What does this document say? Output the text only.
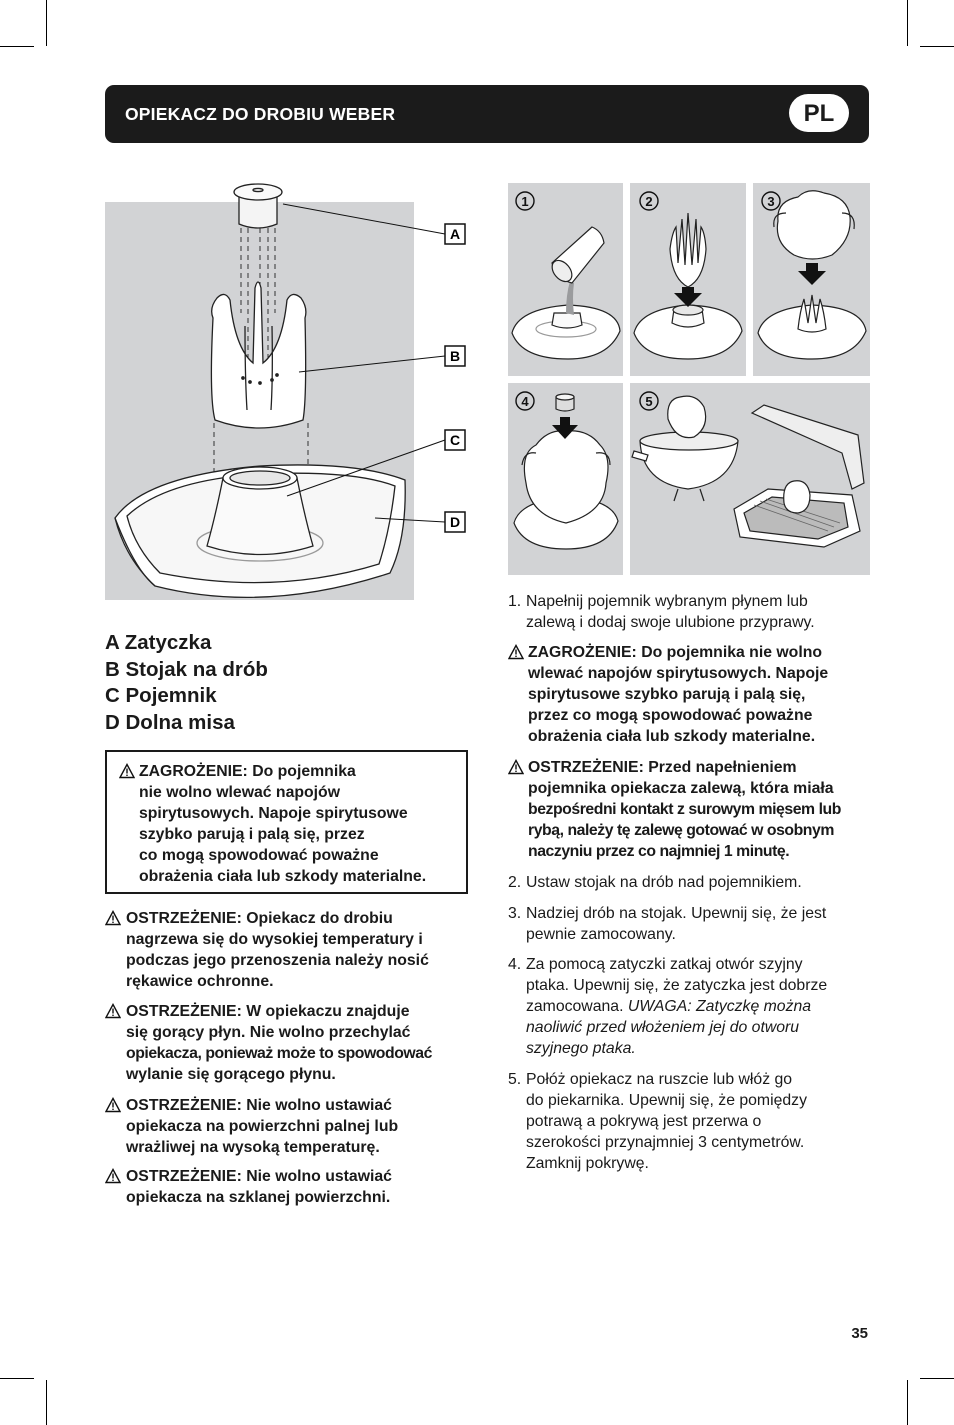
OPIEKACZ DO DROBIU WEBER	PL
A
B
C
D
1	2	3
4	5
A Zatyczka
B Stojak na drób
C Pojemnik
D Dolna misa
ZAGROŻENIE: Do pojemnika
nie wolno wlewać napojów
spirytusowych. Napoje spirytusowe
szybko parują i palą się, przez
co mogą spowodować poważne
obrażenia ciała lub szkody materialne.
OSTRZEŻENIE: Opiekacz do drobiu
nagrzewa się do wysokiej temperatury i
podczas jego przenoszenia należy nosić
rękawice ochronne.
OSTRZEŻENIE: W opiekaczu znajduje
się gorący płyn. Nie wolno przechylać
opiekacza, ponieważ może to spowodować
wylanie się gorącego płynu.
OSTRZEŻENIE: Nie wolno ustawiać
opiekacza na powierzchni palnej lub
wrażliwej na wysoką temperaturę.
OSTRZEŻENIE: Nie wolno ustawiać
opiekacza na szklanej powierzchni.
1. Napełnij pojemnik wybranym płynem lub
zalewą i dodaj swoje ulubione przyprawy.
ZAGROŻENIE: Do pojemnika nie wolno
wlewać napojów spirytusowych. Napoje
spirytusowe szybko parują i palą się,
przez co mogą spowodować poważne
obrażenia ciała lub szkody materialne.
OSTRZEŻENIE: Przed napełnieniem
pojemnika opiekacza zalewą, która miała
bezpośredni kontakt z surowym mięsem lub
rybą, należy tę zalewę gotować w osobnym
naczyniu przez co najmniej 1 minutę.
2. Ustaw stojak na drób nad pojemnikiem.
3. Nadziej drób na stojak. Upewnij się, że jest
pewnie zamocowany.
4. Za pomocą zatyczki zatkaj otwór szyjny
ptaka. Upewnij się, że zatyczka jest dobrze
zamocowana. UWAGA: Zatyczkę można
naoliwić przed włożeniem jej do otworu
szyjnego ptaka.
5. Połóż opiekacz na ruszcie lub włóż go
do piekarnika. Upewnij się, że pomiędzy
potrawą a pokrywą jest przerwa o
szerokości przynajmniej 3 centymetrów.
Zamknij pokrywę.
35
